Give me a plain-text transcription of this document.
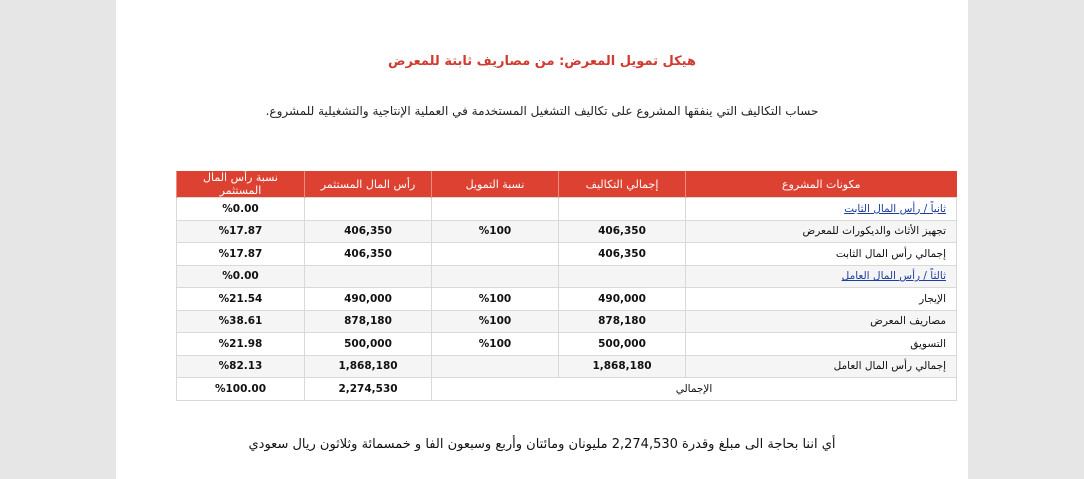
هيكل تمويل المعرض: من مصاريف ثابتة للمعرض
حساب التكاليف التي ينفقها المشروع على تكاليف التشغيل المستخدمة في العملية الإنتاجية والتشغيلية للمشروع.
مكونات المشروع	إجمالي التكاليف	نسبة التمويل	رأس المال المستثمر	نسبة رأس المال المستثمر
ثانياً / رأس المال الثابت				%0.00
تجهيز الأثاث والديكورات للمعرض	406,350	%100	406,350	%17.87
إجمالي رأس المال الثابت	406,350		406,350	%17.87
ثالثاً / رأس المال العامل				%0.00
الإيجار	490,000	%100	490,000	%21.54
مصاريف المعرض	878,180	%100	878,180	%38.61
التسويق	500,000	%100	500,000	%21.98
إجمالي رأس المال العامل	1,868,180		1,868,180	%82.13
الإجمالي			2,274,530	%100.00
أي اننا بحاجة الى مبلغ وقدرة 2,274,530 مليونان ومائتان وأربع وسبعون الفا و خمسمائة وثلاثون ريال سعودي
